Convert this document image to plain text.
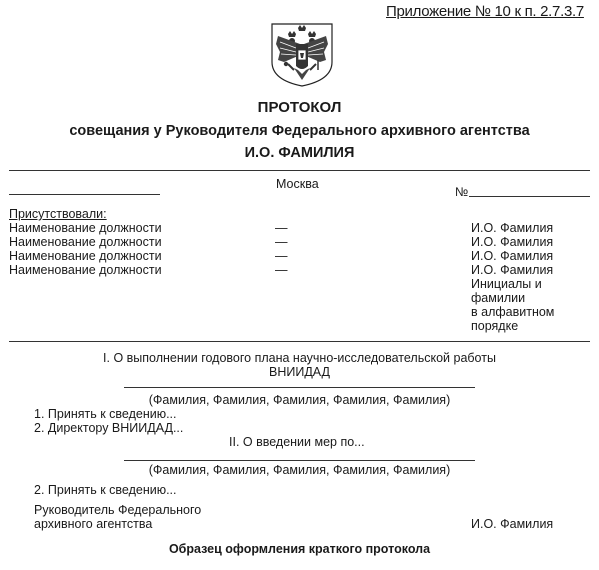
Приложение № 10 к п. 2.7.3.7
ПРОТОКОЛ
совещания у Руководителя Федерального архивного агентства
И.О. ФАМИЛИЯ
Москва
№
Присутствовали:
Наименование должности	—	И.О. Фамилия
Наименование должности	—	И.О. Фамилия
Наименование должности	—	И.О. Фамилия
Наименование должности	—	И.О. Фамилия
Инициалы и
фамилии
в алфавитном
порядке
I. О выполнении годового плана научно-исследовательской работы
ВНИИДАД
(Фамилия, Фамилия, Фамилия, Фамилия, Фамилия)
1. Принять к сведению...
2. Директору ВНИИДАД...
II. О введении мер по...
(Фамилия, Фамилия, Фамилия, Фамилия, Фамилия)
2. Принять к сведению...
Руководитель Федерального
архивного агентства	И.О. Фамилия
Образец оформления краткого протокола
